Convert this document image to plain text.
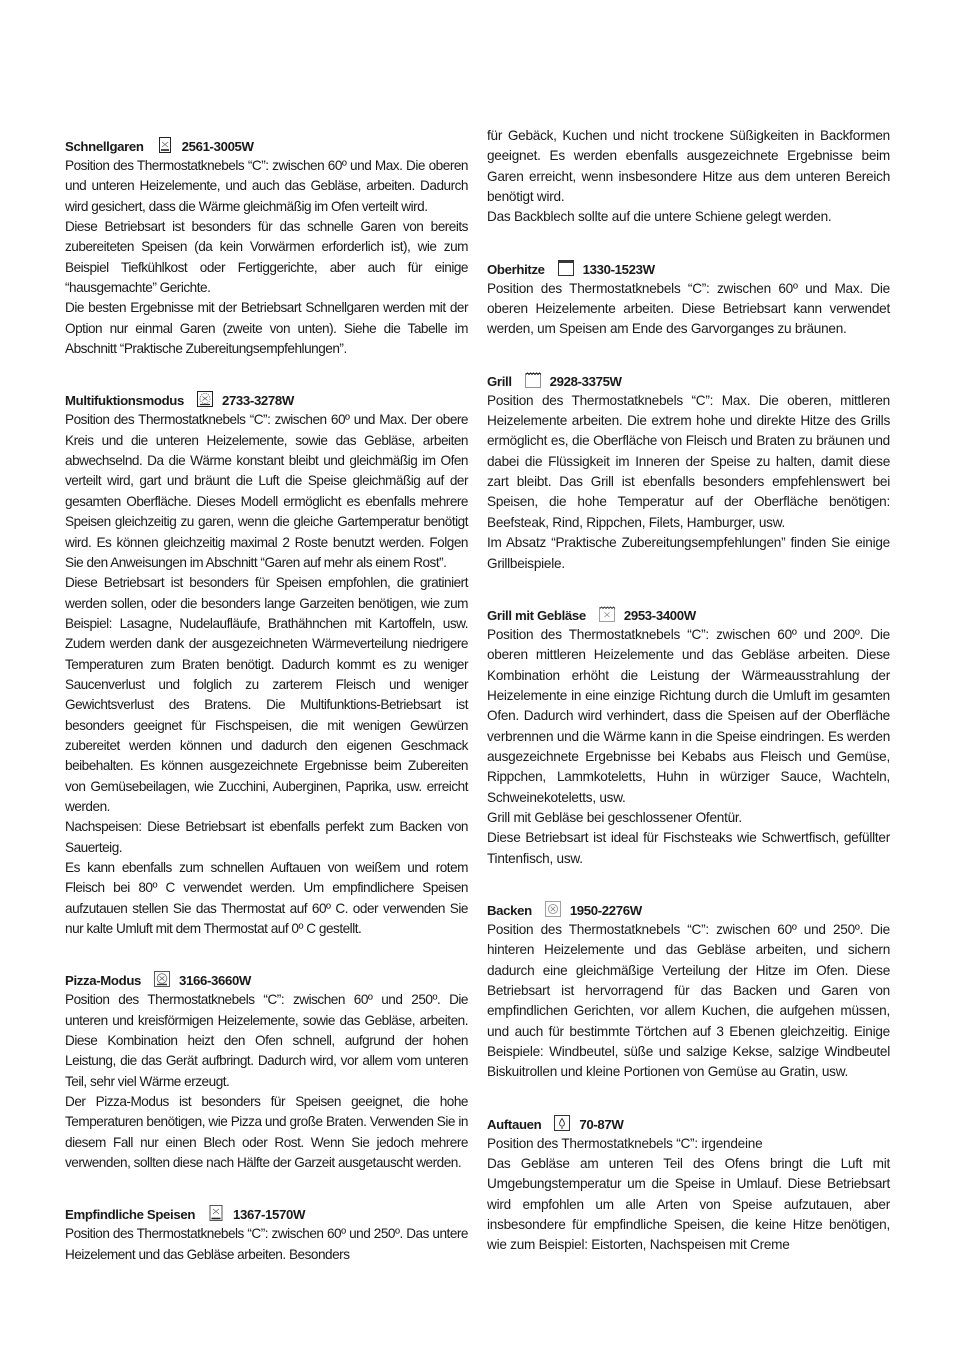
Schnellgaren	2561-3005W

Position des Thermostatknebels “C”: zwischen 60º und Max. Die oberen und unteren Heizelemente, und auch das Gebläse, arbeiten. Dadurch wird gesichert, dass die Wärme gleichmäßig im Ofen verteilt wird.

Diese Betriebsart ist besonders für das schnelle Garen von bereits zubereiteten Speisen (da kein Vorwärmen erforderlich ist), wie zum Beispiel Tiefkühlkost oder Fertiggerichte, aber auch für einige “hausgemachte” Gerichte.

Die besten Ergebnisse mit der Betriebsart Schnellgaren werden mit der Option nur einmal Garen (zweite von unten). Siehe die Tabelle im Abschnitt “Praktische Zubereitungsempfehlungen”.

Multifuktionsmodus	2733-3278W

Position des Thermostatknebels “C”: zwischen 60º und Max. Der obere Kreis und die unteren Heizelemente, sowie das Gebläse, arbeiten abwechselnd. Da die Wärme konstant bleibt und gleichmäßig im Ofen verteilt wird, gart und bräunt die Luft die Speise gleichmäßig auf der gesamten Oberfläche. Dieses Modell ermöglicht es ebenfalls mehrere Speisen gleichzeitig zu garen, wenn die gleiche Gartemperatur benötigt wird. Es können gleichzeitig maximal 2 Roste benutzt werden. Folgen Sie den Anweisungen im Abschnitt “Garen auf mehr als einem Rost”.

Diese Betriebsart ist besonders für Speisen empfohlen, die gratiniert werden sollen, oder die besonders lange Garzeiten benötigen, wie zum Beispiel: Lasagne, Nudelaufläufe, Brathähnchen mit Kartoffeln, usw. Zudem werden dank der ausgezeichneten Wärmeverteilung niedrigere Temperaturen zum Braten benötigt. Dadurch kommt es zu weniger Saucenverlust und folglich zu zarterem Fleisch und weniger Gewichtsverlust des Bratens. Die Multifunktions-Betriebsart ist besonders geeignet für Fischspeisen, die mit wenigen Gewürzen zubereitet werden können und dadurch den eigenen Geschmack beibehalten. Es können ausgezeichnete Ergebnisse beim Zubereiten von Gemüsebeilagen, wie Zucchini, Auberginen, Paprika, usw. erreicht werden.

Nachspeisen: Diese Betriebsart ist ebenfalls perfekt zum Backen von Sauerteig.

Es kann ebenfalls zum schnellen Auftauen von weißem und rotem Fleisch bei 80º C verwendet werden. Um empfindlichere Speisen aufzutauen stellen Sie das Thermostat auf 60º C. oder verwenden Sie nur kalte Umluft mit dem Thermostat auf 0º C gestellt.

Pizza-Modus	3166-3660W

Position des Thermostatknebels “C”: zwischen 60º und 250º. Die unteren und kreisförmigen Heizelemente, sowie das Gebläse, arbeiten. Diese Kombination heizt den Ofen schnell, aufgrund der hohen Leistung, die das Gerät aufbringt. Dadurch wird, vor allem vom unteren Teil, sehr viel Wärme erzeugt.

Der Pizza-Modus ist besonders für Speisen geeignet, die hohe Temperaturen benötigen, wie Pizza und große Braten. Verwenden Sie in diesem Fall nur einen Blech oder Rost. Wenn Sie jedoch mehrere verwenden, sollten diese nach Hälfte der Garzeit ausgetauscht werden.

Empfindliche Speisen	1367-1570W

Position des Thermostatknebels “C”: zwischen 60º und 250º. Das untere Heizelement und das Gebläse arbeiten. Besonders

für Gebäck, Kuchen und nicht trockene Süßigkeiten in Backformen geeignet. Es werden ebenfalls ausgezeichnete Ergebnisse beim Garen erreicht, wenn insbesondere Hitze aus dem unteren Bereich benötigt wird.

Das Backblech sollte auf die untere Schiene gelegt werden.

Oberhitze	1330-1523W

Position des Thermostatknebels “C”: zwischen 60º und Max. Die oberen Heizelemente arbeiten. Diese Betriebsart kann verwendet werden, um Speisen am Ende des Garvorganges zu bräunen.

Grill	2928-3375W

Position des Thermostatknebels “C”: Max. Die oberen, mittleren Heizelemente arbeiten. Die extrem hohe und direkte Hitze des Grills ermöglicht es, die Oberfläche von Fleisch und Braten zu bräunen und dabei die Flüssigkeit im Inneren der Speise zu halten, damit diese zart bleibt. Das Grill ist ebenfalls besonders empfehlenswert bei Speisen, die hohe Temperatur auf der Oberfläche benötigen: Beefsteak, Rind, Rippchen, Filets, Hamburger, usw.

Im Absatz “Praktische Zubereitungsempfehlungen” finden Sie einige Grillbeispiele.

Grill mit Gebläse	2953-3400W

Position des Thermostatknebels “C”: zwischen 60º und 200º. Die oberen mittleren Heizelemente und das Gebläse arbeiten. Diese Kombination erhöht die Leistung der Wärmeausstrahlung der Heizelemente in eine einzige Richtung durch die Umluft im gesamten Ofen. Dadurch wird verhindert, dass die Speisen auf der Oberfläche verbrennen und die Wärme kann in die Speise eindringen. Es werden ausgezeichnete Ergebnisse bei Kebabs aus Fleisch und Gemüse, Rippchen, Lammkoteletts, Huhn in würziger Sauce, Wachteln, Schweinekoteletts, usw.

Grill mit Gebläse bei geschlossener Ofentür.

Diese Betriebsart ist ideal für Fischsteaks wie Schwertfisch, gefüllter Tintenfisch, usw.

Backen	1950-2276W

Position des Thermostatknebels “C”: zwischen 60º und 250º. Die hinteren Heizelemente und das Gebläse arbeiten, und sichern dadurch eine gleichmäßige Verteilung der Hitze im Ofen. Diese Betriebsart ist hervorragend für das Backen und Garen von empfindlichen Gerichten, vor allem Kuchen, die aufgehen müssen, und auch für bestimmte Törtchen auf 3 Ebenen gleichzeitig. Einige Beispiele: Windbeutel, süße und salzige Kekse, salzige Windbeutel Biskuitrollen und kleine Portionen von Gemüse au Gratin, usw.

Auftauen	70-87W

Position des Thermostatknebels “C”: irgendeine

Das Gebläse am unteren Teil des Ofens bringt die Luft mit Umgebungstemperatur um die Speise in Umlauf. Diese Betriebsart wird empfohlen um alle Arten von Speise aufzutauen, aber insbesondere für empfindliche Speisen, die keine Hitze benötigen, wie zum Beispiel: Eistorten, Nachspeisen mit Creme
